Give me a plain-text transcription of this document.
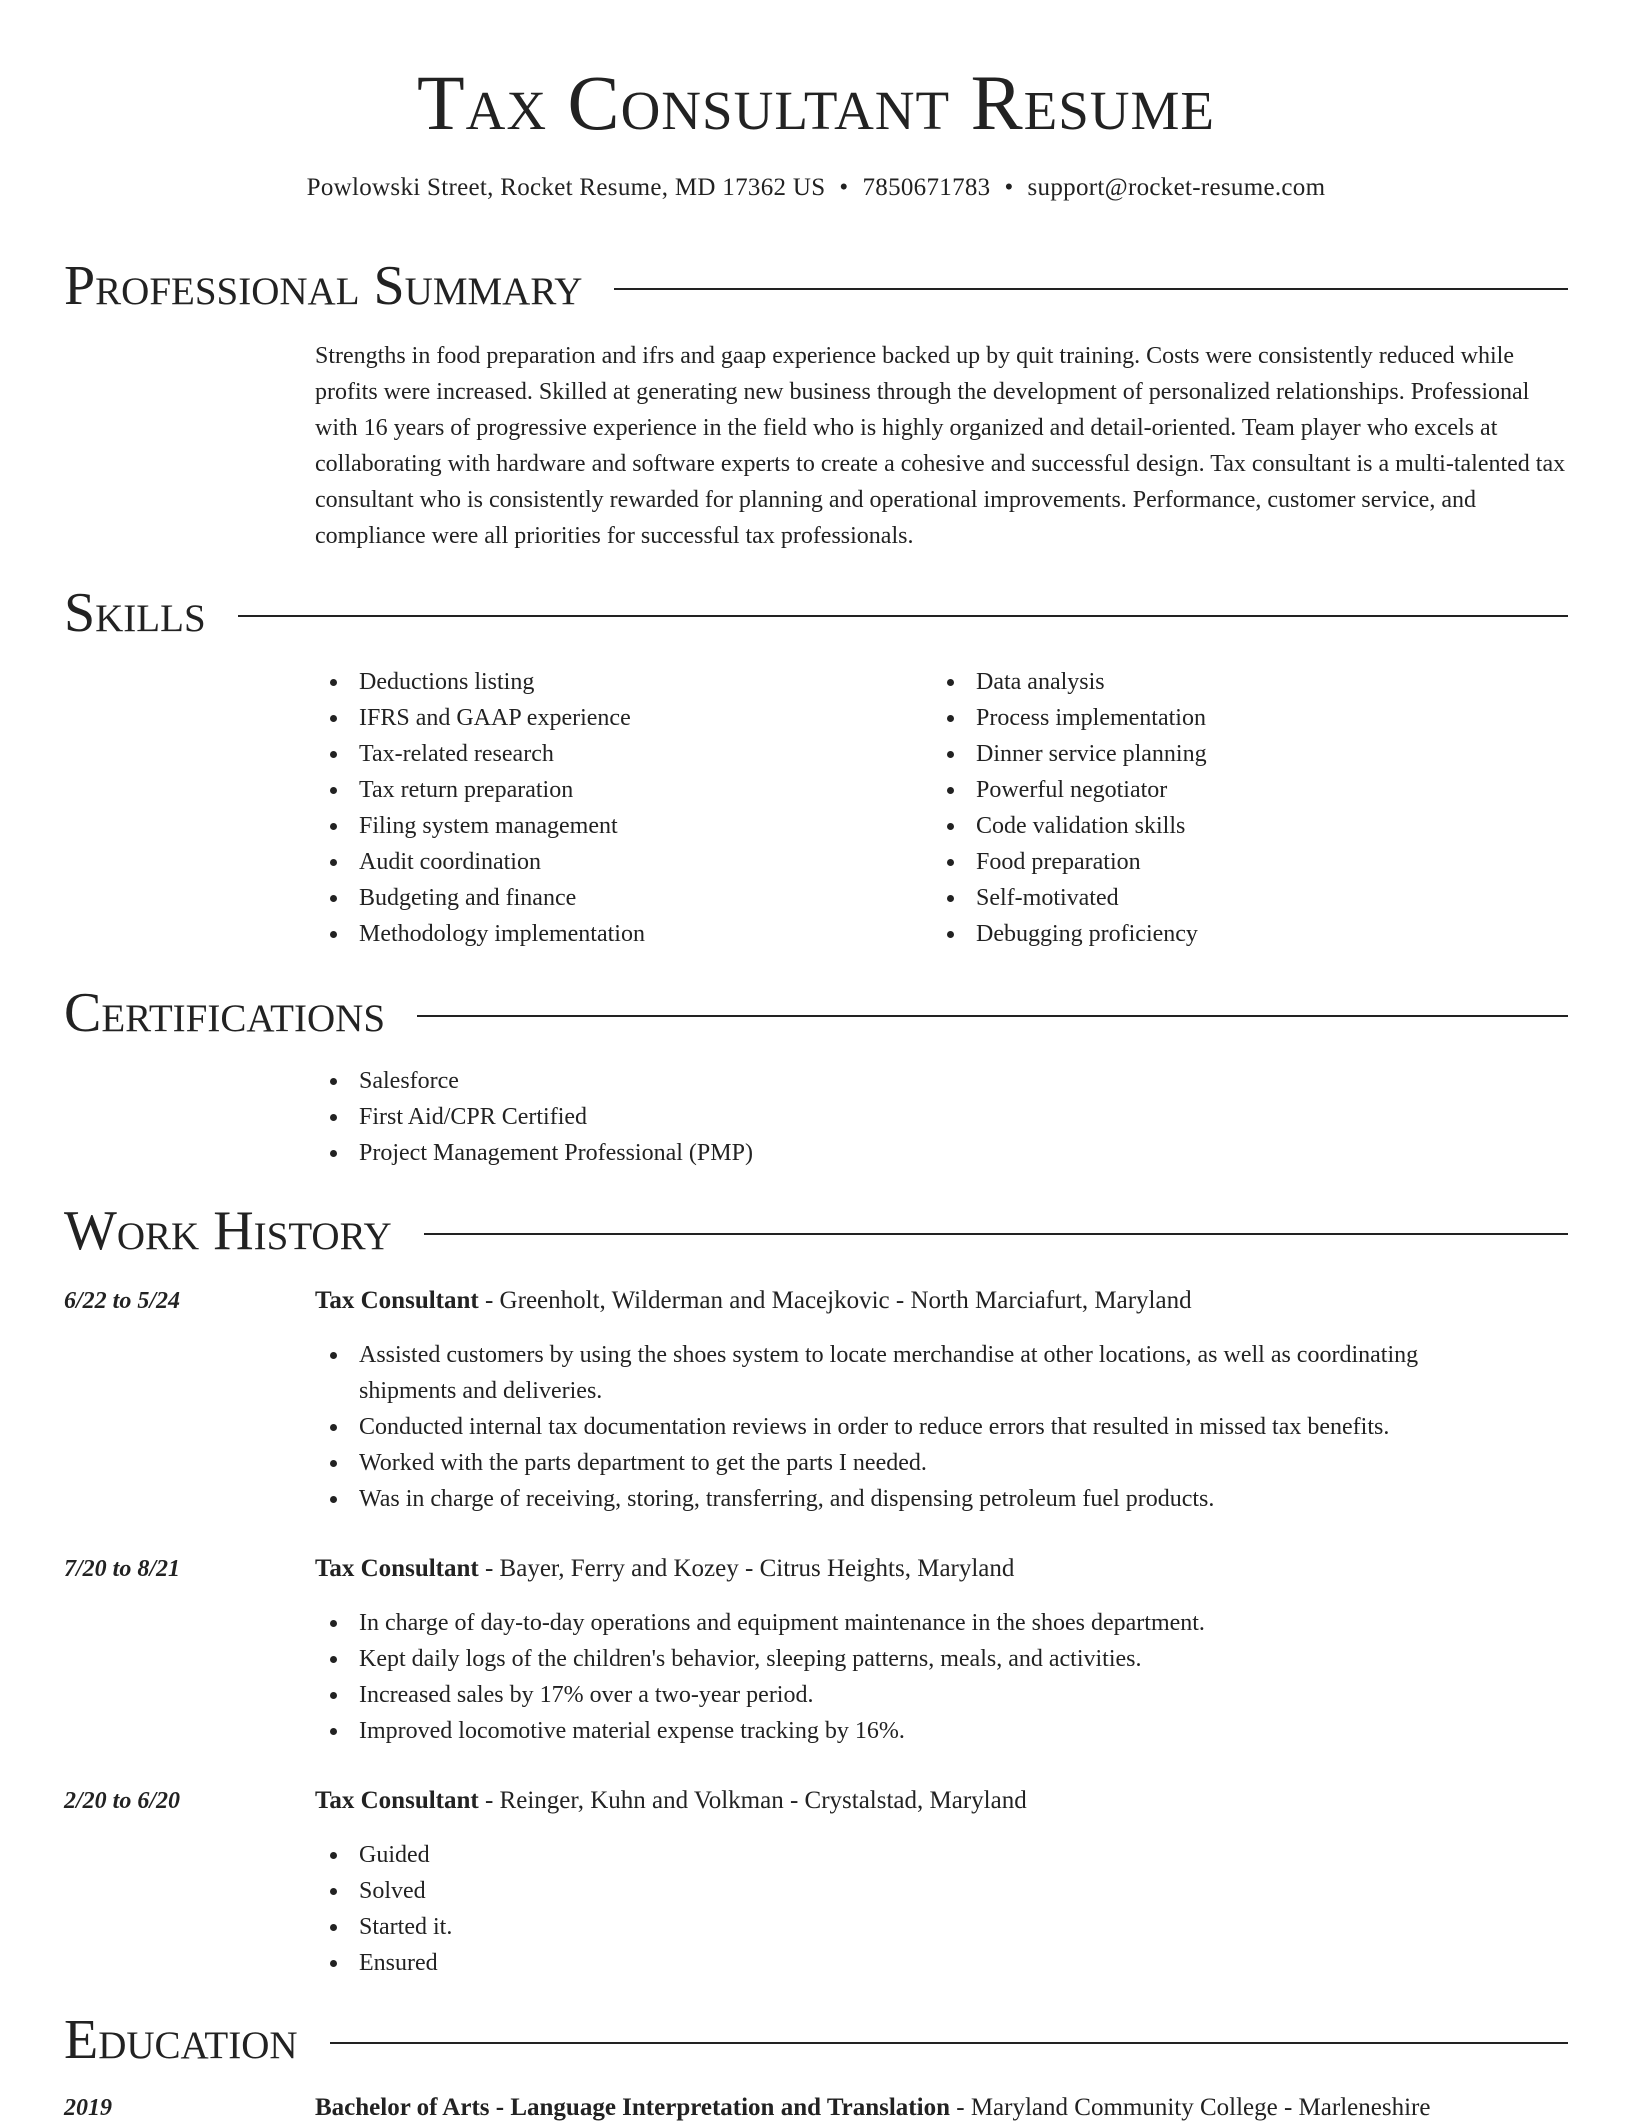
Tax Consultant Resume
Powlowski Street, Rocket Resume, MD 17362 US • 7850671783 • support@rocket-resume.com
Professional Summary

Strengths in food preparation and ifrs and gaap experience backed up by quit training. Costs were consistently reduced while profits were increased. Skilled at generating new business through the development of personalized relationships. Professional with 16 years of progressive experience in the field who is highly organized and detail-oriented. Team player who excels at collaborating with hardware and software experts to create a cohesive and successful design. Tax consultant is a multi-talented tax consultant who is consistently rewarded for planning and operational improvements. Performance, customer service, and compliance were all priorities for successful tax professionals.

Skills
Deductions listing
IFRS and GAAP experience
Tax-related research
Tax return preparation
Filing system management
Audit coordination
Budgeting and finance
Methodology implementation
Data analysis
Process implementation
Dinner service planning
Powerful negotiator
Code validation skills
Food preparation
Self-motivated
Debugging proficiency
Certifications
Salesforce
First Aid/CPR Certified
Project Management Professional (PMP)
Work History
6/22 to 5/24	Tax Consultant - Greenholt, Wilderman and Macejkovic - North Marciafurt, Maryland
Assisted customers by using the shoes system to locate merchandise at other locations, as well as coordinating shipments and deliveries.
Conducted internal tax documentation reviews in order to reduce errors that resulted in missed tax benefits.
Worked with the parts department to get the parts I needed.
Was in charge of receiving, storing, transferring, and dispensing petroleum fuel products.
7/20 to 8/21	Tax Consultant - Bayer, Ferry and Kozey - Citrus Heights, Maryland
In charge of day-to-day operations and equipment maintenance in the shoes department.
Kept daily logs of the children's behavior, sleeping patterns, meals, and activities.
Increased sales by 17% over a two-year period.
Improved locomotive material expense tracking by 16%.
2/20 to 6/20	Tax Consultant - Reinger, Kuhn and Volkman - Crystalstad, Maryland
Guided
Solved
Started it.
Ensured
Education
2019	Bachelor of Arts - Language Interpretation and Translation - Maryland Community College - Marleneshire
